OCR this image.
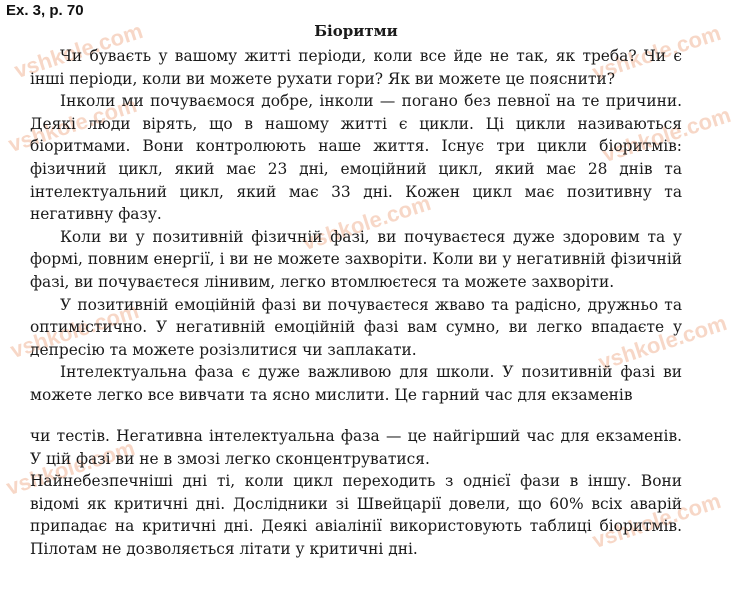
vshkole.com	vshkole.com
vshkole.com	vshkole.com
vshkole.com
vshkole.com	vshkole.com
vshkole.com
vshkole.com
Ex. 3, p. 70
Біоритми

Чи буваєть у вашому житті періоди, коли все йде не так, як треба? Чи є інші періоди, коли ви можете рухати гори? Як ви можете це пояснити?

Інколи ми почуваємося добре, інколи — погано без певної на те причини. Деякі люди вірять, що в нашому житті є цикли. Ці цикли називаються біоритмами. Вони контролюють наше життя. Існує три цикли біоритмів: фізичний цикл, який має 23 дні, емоційний цикл, який має 28 днів та інтелектуальний цикл, який має 33 дні. Кожен цикл має позитивну та негативну фазу.

Коли ви у позитивній фізичній фазі, ви почуваєтеся дуже здоровим та у формі, повним енергії, і ви не можете захворіти. Коли ви у негативній фізичній фазі, ви почуваєтеся лінивим, легко втомлюєтеся та можете захворіти.

У позитивній емоційній фазі ви почуваєтеся жваво та радісно, дружньо та оптимістично. У негативній емоційній фазі вам сумно, ви легко впадаєте у депресію та можете розізлитися чи заплакати.

Інтелектуальна фаза є дуже важливою для школи. У позитивній фазі ви можете легко все вивчати та ясно мислити. Це гарний час для екзаменів

чи тестів. Негативна інтелектуальна фаза — це найгірший час для екзаменів. У цій фазі ви не в змозі легко сконцентруватися.

Найнебезпечніші дні ті, коли цикл переходить з однієї фази в іншу. Вони відомі як критичні дні. Дослідники зі Швейцарії довели, що 60% всіх аварій припадає на критичні дні. Деякі авіалінії використовують таблиці біоритмів. Пілотам не дозволяється літати у критичні дні.
